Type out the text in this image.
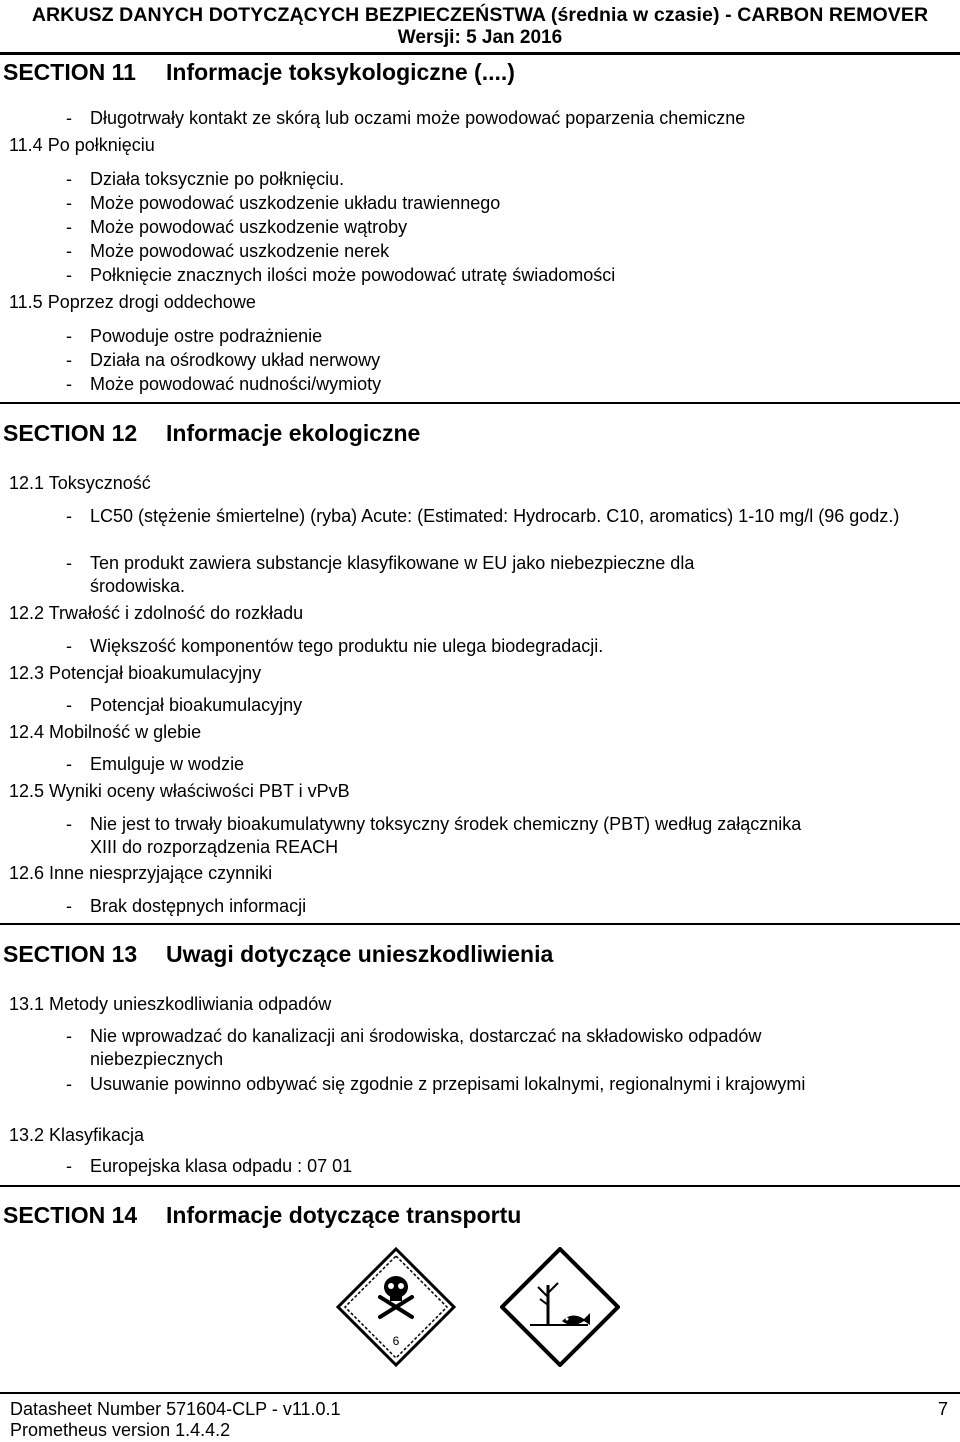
ARKUSZ DANYCH DOTYCZĄCYCH BEZPIECZEŃSTWA (średnia w czasie) - CARBON REMOVER
Wersji: 5 Jan 2016
SECTION 11 Informacje toksykologiczne (....)
- Długotrwały kontakt ze skórą lub oczami może powodować poparzenia chemiczne
11.4 Po połknięciu
- Działa toksycznie po połknięciu.
- Może powodować uszkodzenie układu trawiennego
- Może powodować uszkodzenie wątroby
- Może powodować uszkodzenie nerek
- Połknięcie znacznych ilości może powodować utratę świadomości
11.5 Poprzez drogi oddechowe
- Powoduje ostre podrażnienie
- Działa na ośrodkowy układ nerwowy
- Może powodować nudności/wymioty
SECTION 12 Informacje ekologiczne
12.1 Toksyczność
- LC50 (stężenie śmiertelne) (ryba) Acute: (Estimated: Hydrocarb. C10, aromatics) 1-10 mg/l (96 godz.)
- Ten produkt zawiera substancje klasyfikowane w EU jako niebezpieczne dla środowiska.
12.2 Trwałość i zdolność do rozkładu
- Większość komponentów tego produktu nie ulega biodegradacji.
12.3 Potencjał bioakumulacyjny
- Potencjał bioakumulacyjny
12.4 Mobilność w glebie
- Emulguje w wodzie
12.5 Wyniki oceny właściwości PBT i vPvB
- Nie jest to trwały bioakumulatywny toksyczny środek chemiczny (PBT) według załącznika XIII do rozporządzenia REACH
12.6 Inne niesprzyjające czynniki
- Brak dostępnych informacji
SECTION 13 Uwagi dotyczące unieszkodliwienia
13.1 Metody unieszkodliwiania odpadów
- Nie wprowadzać do kanalizacji ani środowiska, dostarczać na składowisko odpadów niebezpiecznych
- Usuwanie powinno odbywać się zgodnie z przepisami lokalnymi, regionalnymi i krajowymi
13.2 Klasyfikacja
- Europejska klasa odpadu : 07 01
SECTION 14 Informacje dotyczące transportu
6
Datasheet Number 571604-CLP - v11.0.1	7
Prometheus version 1.4.4.2
